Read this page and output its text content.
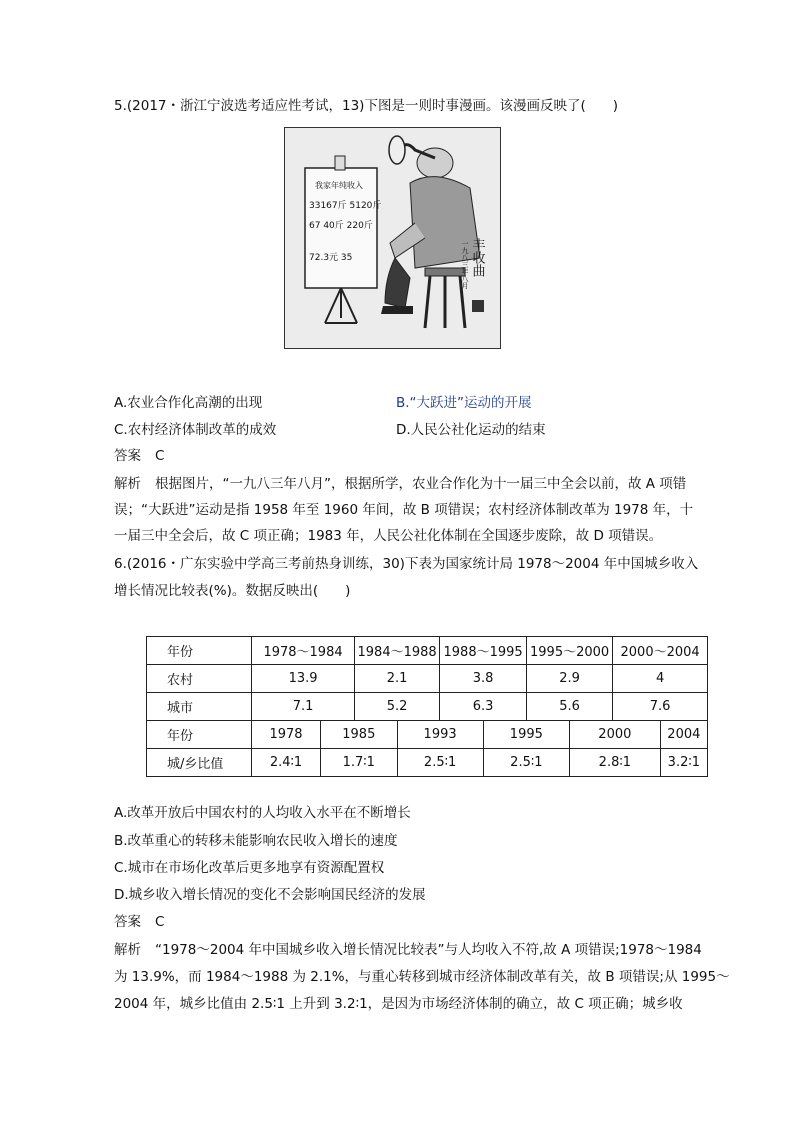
5.(2017・浙江宁波选考适应性考试，13)下图是一则时事漫画。该漫画反映了(　　)
我家年纯收入
33167斤 5120斤
67 40斤 220斤
72.3元 35	丰收曲
一九八三年八月
A.农业合作化高潮的出现	B.“大跃进”运动的开展
C.农村经济体制改革的成效	D.人民公社化运动的结束
答案 C
解析 根据图片，“一九八三年八月”，根据所学，农业合作化为十一届三中全会以前，故 A 项错
误；“大跃进”运动是指 1958 年至 1960 年间，故 B 项错误；农村经济体制改革为 1978 年，十
一届三中全会后，故 C 项正确；1983 年，人民公社化体制在全国逐步废除，故 D 项错误。
6.(2016・广东实验中学高三考前热身训练，30)下表为国家统计局 1978～2004 年中国城乡收入
增长情况比较表(%)。数据反映出(　　)
年份	1978～1984		1984～1988		1988～1995		1995～2000		2000～2004	
农村	13.9		2.1		3.8		2.9		4	
城市	7.1		5.2		6.3		5.6		7.6	
年份	1978	1985		1993		1995		2000		2004
城/乡比值	2.4∶1	1.7∶1		2.5∶1		2.5∶1		2.8∶1		3.2∶1
A.改革开放后中国农村的人均收入水平在不断增长
B.改革重心的转移未能影响农民收入增长的速度
C.城市在市场化改革后更多地享有资源配置权
D.城乡收入增长情况的变化不会影响国民经济的发展
答案 C
解析 “1978～2004 年中国城乡收入增长情况比较表”与人均收入不符,故 A 项错误;1978～1984
为 13.9%，而 1984～1988 为 2.1%，与重心转移到城市经济体制改革有关，故 B 项错误;从 1995～
2004 年，城乡比值由 2.5∶1 上升到 3.2∶1，是因为市场经济体制的确立，故 C 项正确；城乡收
